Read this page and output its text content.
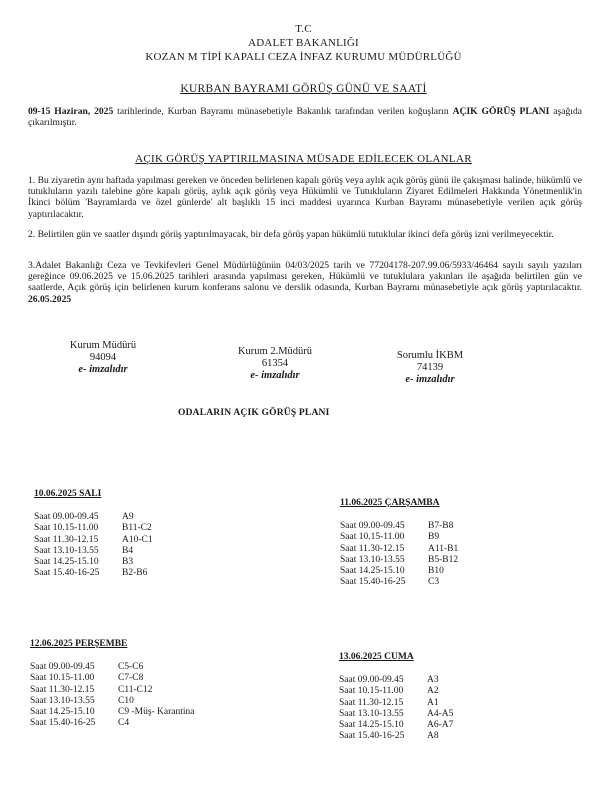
T.C
ADALET BAKANLIĞI
KOZAN M TİPİ KAPALI CEZA İNFAZ KURUMU MÜDÜRLÜĞÜ
KURBAN BAYRAMI GÖRÜŞ GÜNÜ VE SAATİ
09-15 Haziran, 2025 tarihlerinde, Kurban Bayramı münasebetiyle Bakanlık tarafından verilen koğuşların AÇIK GÖRÜŞ PLANI aşağıda çıkarılmıştır.
AÇIK GÖRÜŞ YAPTIRILMASINA MÜSADE EDİLECEK OLANLAR
1. Bu ziyaretin aynı haftada yapılması gereken ve önceden belirlenen kapalı görüş veya aylık açık görüş günü ile çakışması halinde, hükümlü ve tutukluların yazılı talebine göre kapalı görüş, aylık açık görüş veya Hükümlü ve Tutukluların Ziyaret Edilmeleri Hakkında Yönetmenlik'in İkinci bölüm 'Bayramlarda ve özel günlerde' alt başlıklı 15 inci maddesi uyarınca Kurban Bayramı münasebetiyle verilen açık görüş yaptırılacaktır.
2. Belirtilen gün ve saatler dışındı görüş yaptırılmayacak, bir defa görüş yapan hükümlü tutuklular ikinci defa görüş izni verilmeyecektir.
3.Adalet Bakanlığı Ceza ve Tevkifevleri Genel Müdürlüğünün 04/03/2025 tarih ve 77204178-207.99.06/5933/46464 sayılı sayılı yazıları gereğince 09.06.2025 ve 15.06.2025 tarihleri arasında yapılması gereken, Hükümlü ve tutuklulara yakınları ile aşağıda belirtilen gün ve saatlerde, Açık görüş için belirlenen kurum konferans salonu ve derslik odasında, Kurban Bayramı münasebetiyle açık görüş yaptırılacaktır. 26.05.2025
Kurum Müdürü
94094
e- imzalıdır
Kurum 2.Müdürü
61354
e- imzalıdır
Sorumlu İKBM
74139
e- imzalıdır
ODALARIN AÇIK GÖRÜŞ PLANI
10.06.2025 SALI
Saat 09.00-09.45 A9
Saat 10.15-11.00 B11-C2
Saat 11.30-12.15 A10-C1
Saat 13.10-13.55 B4
Saat 14.25-15.10 B3
Saat 15.40-16-25 B2-B6
11.06.2025 ÇARŞAMBA
Saat 09.00-09.45 B7-B8
Saat 10.15-11.00 B9
Saat 11.30-12.15 A11-B1
Saat 13.10-13.55 B5-B12
Saat 14.25-15.10 B10
Saat 15.40-16-25 C3
12.06.2025 PERŞEMBE
Saat 09.00-09.45 C5-C6
Saat 10.15-11.00 C7-C8
Saat 11.30-12.15 C11-C12
Saat 13.10-13.55 C10
Saat 14.25-15.10 C9 -Müş- Karantina
Saat 15.40-16-25 C4
13.06.2025 CUMA
Saat 09.00-09.45 A3
Saat 10.15-11.00 A2
Saat 11.30-12.15 A1
Saat 13.10-13.55 A4-A5
Saat 14.25-15.10 A6-A7
Saat 15.40-16-25 A8
